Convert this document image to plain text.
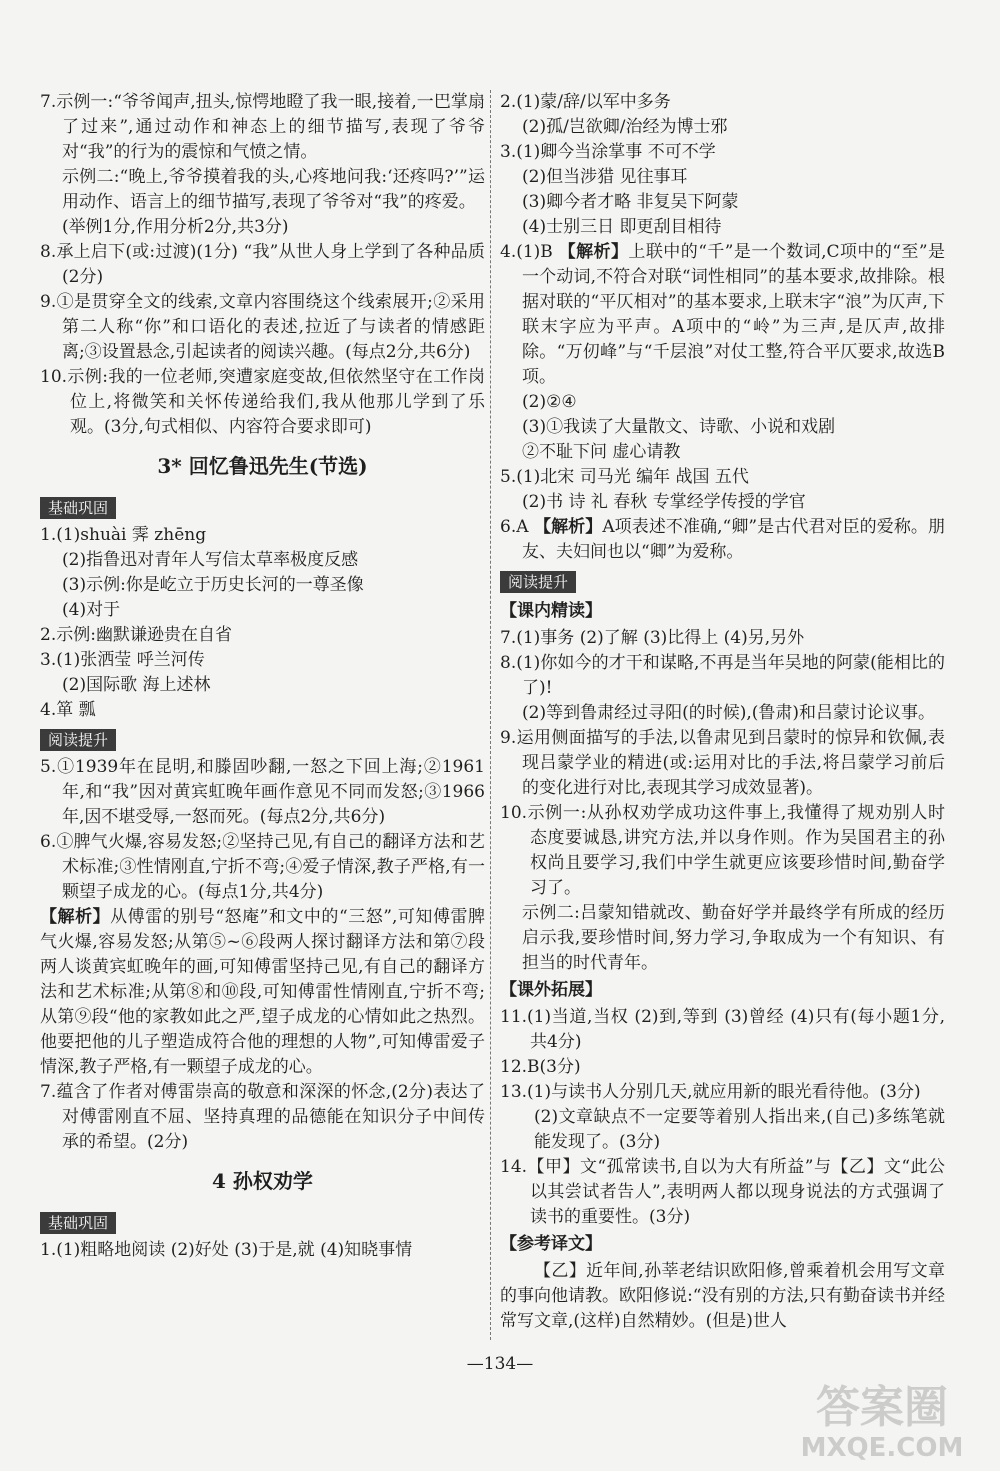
7.示例一:“爷爷闻声,扭头,惊愕地瞪了我一眼,接着,一巴掌扇了过来”,通过动作和神态上的细节描写,表现了爷爷对“我”的行为的震惊和气愤之情。

示例二:“晚上,爷爷摸着我的头,心疼地问我:‘还疼吗?’”运用动作、语言上的细节描写,表现了爷爷对“我”的疼爱。

(举例1分,作用分析2分,共3分)

8.承上启下(或:过渡)(1分) “我”从世人身上学到了各种品质(2分)

9.①是贯穿全文的线索,文章内容围绕这个线索展开;②采用第二人称“你”和口语化的表述,拉近了与读者的情感距离;③设置悬念,引起读者的阅读兴趣。(每点2分,共6分)

10.示例:我的一位老师,突遭家庭变故,但依然坚守在工作岗位上,将微笑和关怀传递给我们,我从他那儿学到了乐观。(3分,句式相似、内容符合要求即可)

3* 回忆鲁迅先生(节选)
基础巩固

1.(1)shuài 霁 zhēng

(2)指鲁迅对青年人写信太草率极度反感

(3)示例:你是屹立于历史长河的一尊圣像

(4)对于

2.示例:幽默谦逊贵在自省

3.(1)张洒莹 呼兰河传

(2)国际歌 海上述林

4.箪 瓢

阅读提升

5.①1939年在昆明,和滕固吵翻,一怒之下回上海;②1961年,和“我”因对黄宾虹晚年画作意见不同而发怒;③1966年,因不堪受辱,一怒而死。(每点2分,共6分)

6.①脾气火爆,容易发怒;②坚持己见,有自己的翻译方法和艺术标准;③性情刚直,宁折不弯;④爱子情深,教子严格,有一颗望子成龙的心。(每点1分,共4分)

【解析】从傅雷的别号“怒庵”和文中的“三怒”,可知傅雷脾气火爆,容易发怒;从第⑤~⑥段两人探讨翻译方法和第⑦段两人谈黄宾虹晚年的画,可知傅雷坚持己见,有自己的翻译方法和艺术标准;从第⑧和⑩段,可知傅雷性情刚直,宁折不弯;从第⑨段“他的家教如此之严,望子成龙的心情如此之热烈。他要把他的儿子塑造成符合他的理想的人物”,可知傅雷爱子情深,教子严格,有一颗望子成龙的心。

7.蕴含了作者对傅雷崇高的敬意和深深的怀念,(2分)表达了对傅雷刚直不屈、坚持真理的品德能在知识分子中间传承的希望。(2分)

4 孙权劝学
基础巩固

1.(1)粗略地阅读 (2)好处 (3)于是,就 (4)知晓事情

2.(1)蒙/辞/以军中多务

(2)孤/岂欲卿/治经为博士邪

3.(1)卿今当涂掌事 不可不学

(2)但当涉猎 见往事耳

(3)卿今者才略 非复吴下阿蒙

(4)士别三日 即更刮目相待

4.(1)B 【解析】上联中的“千”是一个数词,C项中的“至”是一个动词,不符合对联“词性相同”的基本要求,故排除。根据对联的“平仄相对”的基本要求,上联末字“浪”为仄声,下联末字应为平声。A项中的“岭”为三声,是仄声,故排除。“万仞峰”与“千层浪”对仗工整,符合平仄要求,故选B项。

(2)②④

(3)①我读了大量散文、诗歌、小说和戏剧

②不耻下问 虚心请教

5.(1)北宋 司马光 编年 战国 五代

(2)书 诗 礼 春秋 专掌经学传授的学官

6.A 【解析】A项表述不准确,“卿”是古代君对臣的爱称。朋友、夫妇间也以“卿”为爱称。

阅读提升
【课内精读】

7.(1)事务 (2)了解 (3)比得上 (4)另,另外

8.(1)你如今的才干和谋略,不再是当年吴地的阿蒙(能相比的了)!

(2)等到鲁肃经过寻阳(的时候),(鲁肃)和吕蒙讨论议事。

9.运用侧面描写的手法,以鲁肃见到吕蒙时的惊异和钦佩,表现吕蒙学业的精进(或:运用对比的手法,将吕蒙学习前后的变化进行对比,表现其学习成效显著)。

10.示例一:从孙权劝学成功这件事上,我懂得了规劝别人时态度要诚恳,讲究方法,并以身作则。作为吴国君主的孙权尚且要学习,我们中学生就更应该要珍惜时间,勤奋学习了。

示例二:吕蒙知错就改、勤奋好学并最终学有所成的经历启示我,要珍惜时间,努力学习,争取成为一个有知识、有担当的时代青年。

【课外拓展】

11.(1)当道,当权 (2)到,等到 (3)曾经 (4)只有(每小题1分,共4分)

12.B(3分)

13.(1)与读书人分别几天,就应用新的眼光看待他。(3分)

(2)文章缺点不一定要等着别人指出来,(自己)多练笔就能发现了。(3分)

14.【甲】文“孤常读书,自以为大有所益”与【乙】文“此公以其尝试者告人”,表明两人都以现身说法的方式强调了读书的重要性。(3分)

【参考译文】

【乙】近年间,孙莘老结识欧阳修,曾乘着机会用写文章的事向他请教。欧阳修说:“没有别的方法,只有勤奋读书并经常写文章,(这样)自然精妙。(但是)世人

—134—
答案圈
MXQE.COM
